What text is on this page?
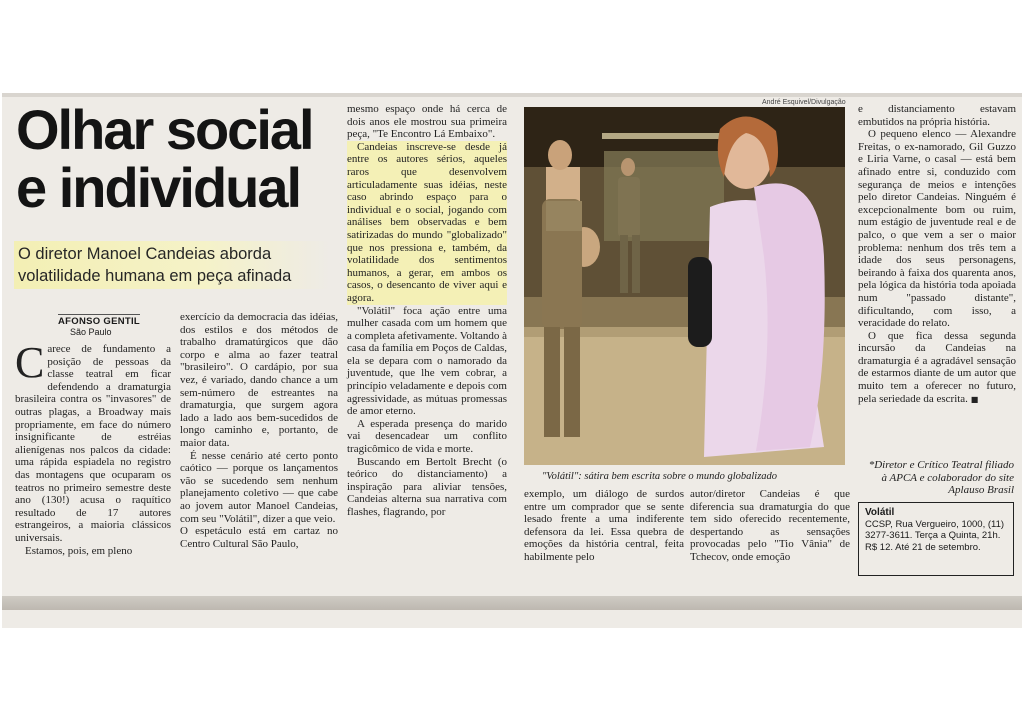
Olhar social
e individual
O diretor Manoel Candeias aborda volatilidade humana em peça afinada
AFONSO GENTIL
São Paulo
C arece de fundamento a posição de pessoas da classe teatral em ficar defendendo a dramaturgia brasileira contra os "invasores" de outras plagas, a Broadway mais propriamente, em face do número insignificante de estréias alienígenas nos palcos da cidade: uma rápida espiadela no registro das montagens que ocuparam os teatros no primeiro semestre deste ano (130!) acusa o raquítico resultado de 17 autores estrangeiros, a maioria clássicos universais.

Estamos, pois, em pleno

exercício da democracia das idéias, dos estilos e dos métodos de trabalho dramatúrgicos que dão corpo e alma ao fazer teatral "brasileiro". O cardápio, por sua vez, é variado, dando chance a um sem-número de estreantes na dramaturgia, que surgem agora lado a lado aos bem-sucedidos de longo caminho e, portanto, de maior data.

É nesse cenário até certo ponto caótico — porque os lançamentos vão se sucedendo sem nenhum planejamento coletivo — que cabe ao jovem autor Manoel Candeias, com seu "Volátil", dizer a que veio.

O espetáculo está em cartaz no Centro Cultural São Paulo,

mesmo espaço onde há cerca de dois anos ele mostrou sua primeira peça, "Te Encontro Lá Embaixo".

Candeias inscreve-se desde já entre os autores sérios, aqueles raros que desenvolvem articuladamente suas idéias, neste caso abrindo espaço para o individual e o social, jogando com análises bem observadas e bem satirizadas do mundo "globalizado" que nos pressiona e, também, da volatilidade dos sentimentos humanos, a gerar, em ambos os casos, o desencanto de viver aqui e agora.

"Volátil" foca ação entre uma mulher casada com um homem que a completa afetivamente. Voltando à casa da família em Poços de Caldas, ela se depara com o namorado da juventude, que lhe vem cobrar, a princípio veladamente e depois com agressividade, as mútuas promessas de amor eterno.

A esperada presença do marido vai desencadear um conflito tragicômico de vida e morte.

Buscando em Bertolt Brecht (o teórico do distanciamento) a inspiração para aliviar tensões, Candeias alterna sua narrativa com flashes, flagrando, por

André Esquivel/Divulgação
"Volátil": sátira bem escrita sobre o mundo globalizado

exemplo, um diálogo de surdos entre um comprador que se sente lesado frente a uma indiferente defensora da lei. Essa quebra de emoções da história central, feita habilmente pelo

autor/diretor Candeias é que diferencia sua dramaturgia do que tem sido oferecido recentemente, despertando as sensações provocadas pelo "Tio Vânia" de Tchecov, onde emoção

e distanciamento estavam embutidos na própria história.

O pequeno elenco — Alexandre Freitas, o ex-namorado, Gil Guzzo e Liria Varne, o casal — está bem afinado entre si, conduzido com segurança de meios e intenções pelo diretor Candeias. Ninguém é excepcionalmente bom ou ruim, num estágio de juventude real e de palco, o que vem a ser o maior problema: nenhum dos três tem a idade dos seus personagens, beirando à faixa dos quarenta anos, pela lógica da história toda apoiada num "passado distante", dificultando, com isso, a veracidade do relato.

O que fica dessa segunda incursão da Candeias na dramaturgia é a agradável sensação de estarmos diante de um autor que muito tem a oferecer no futuro, pela seriedade da escrita. ■

*Diretor e Crítico Teatral filiado à APCA e colaborador do site Aplauso Brasil
Volátil
CCSP, Rua Vergueiro, 1000, (11) 3277-3611. Terça a Quinta, 21h. R$ 12. Até 21 de setembro.
